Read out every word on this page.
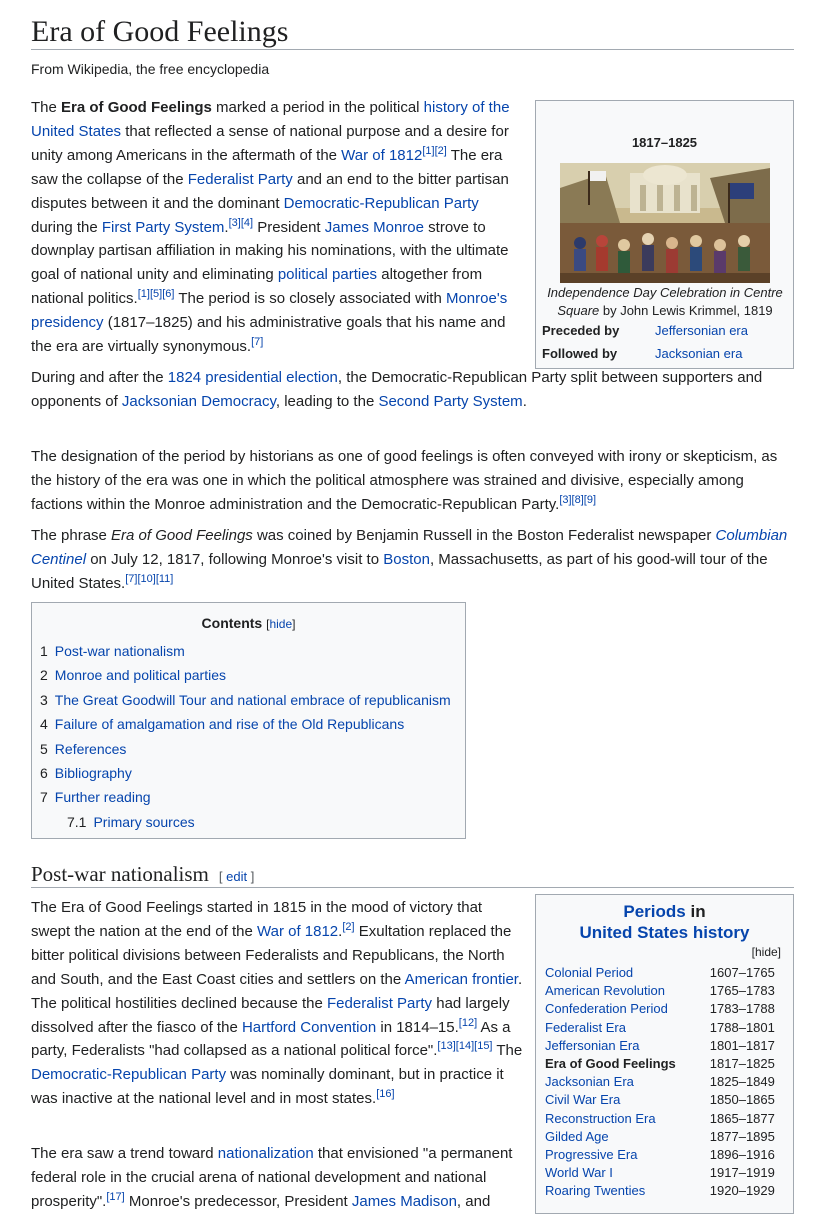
Era of Good Feelings
From Wikipedia, the free encyclopedia
1817–1825
Independence Day Celebration in Centre Square by John Lewis Krimmel, 1819
Preceded by	Jeffersonian era
Followed by	Jacksonian era

The Era of Good Feelings marked a period in the political history of the United States that reflected a sense of national purpose and a desire for unity among Americans in the aftermath of the War of 1812[1][2] The era saw the collapse of the Federalist Party and an end to the bitter partisan disputes between it and the dominant Democratic-Republican Party during the First Party System.[3][4] President James Monroe strove to downplay partisan affiliation in making his nominations, with the ultimate goal of national unity and eliminating political parties altogether from national politics.[1][5][6] The period is so closely associated with Monroe's presidency (1817–1825) and his administrative goals that his name and the era are virtually synonymous.[7]

During and after the 1824 presidential election, the Democratic-Republican Party split between supporters and opponents of Jacksonian Democracy, leading to the Second Party System.

The designation of the period by historians as one of good feelings is often conveyed with irony or skepticism, as the history of the era was one in which the political atmosphere was strained and divisive, especially among factions within the Monroe administration and the Democratic-Republican Party.[3][8][9]

The phrase Era of Good Feelings was coined by Benjamin Russell in the Boston Federalist newspaper Columbian Centinel on July 12, 1817, following Monroe's visit to Boston, Massachusetts, as part of his good-will tour of the United States.[7][10][11]

Contents [hide]
1 Post-war nationalism
2 Monroe and political parties
3 The Great Goodwill Tour and national embrace of republicanism
4 Failure of amalgamation and rise of the Old Republicans
5 References
6 Bibliography
7 Further reading
7.1 Primary sources
Post-war nationalism [ edit ]

The Era of Good Feelings started in 1815 in the mood of victory that swept the nation at the end of the War of 1812.[2] Exultation replaced the bitter political divisions between Federalists and Republicans, the North and South, and the East Coast cities and settlers on the American frontier. The political hostilities declined because the Federalist Party had largely dissolved after the fiasco of the Hartford Convention in 1814–15.[12] As a party, Federalists "had collapsed as a national political force".[13][14][15] The Democratic-Republican Party was nominally dominant, but in practice it was inactive at the national level and in most states.[16]

The era saw a trend toward nationalization that envisioned "a permanent federal role in the crucial arena of national development and national prosperity".[17] Monroe's predecessor, President James Madison, and

Periods in
United States history
[hide]
Colonial Period	1607–1765
American Revolution	1765–1783
Confederation Period	1783–1788
Federalist Era	1788–1801
Jeffersonian Era	1801–1817
Era of Good Feelings	1817–1825
Jacksonian Era	1825–1849
Civil War Era	1850–1865
Reconstruction Era	1865–1877
Gilded Age	1877–1895
Progressive Era	1896–1916
World War I	1917–1919
Roaring Twenties	1920–1929
